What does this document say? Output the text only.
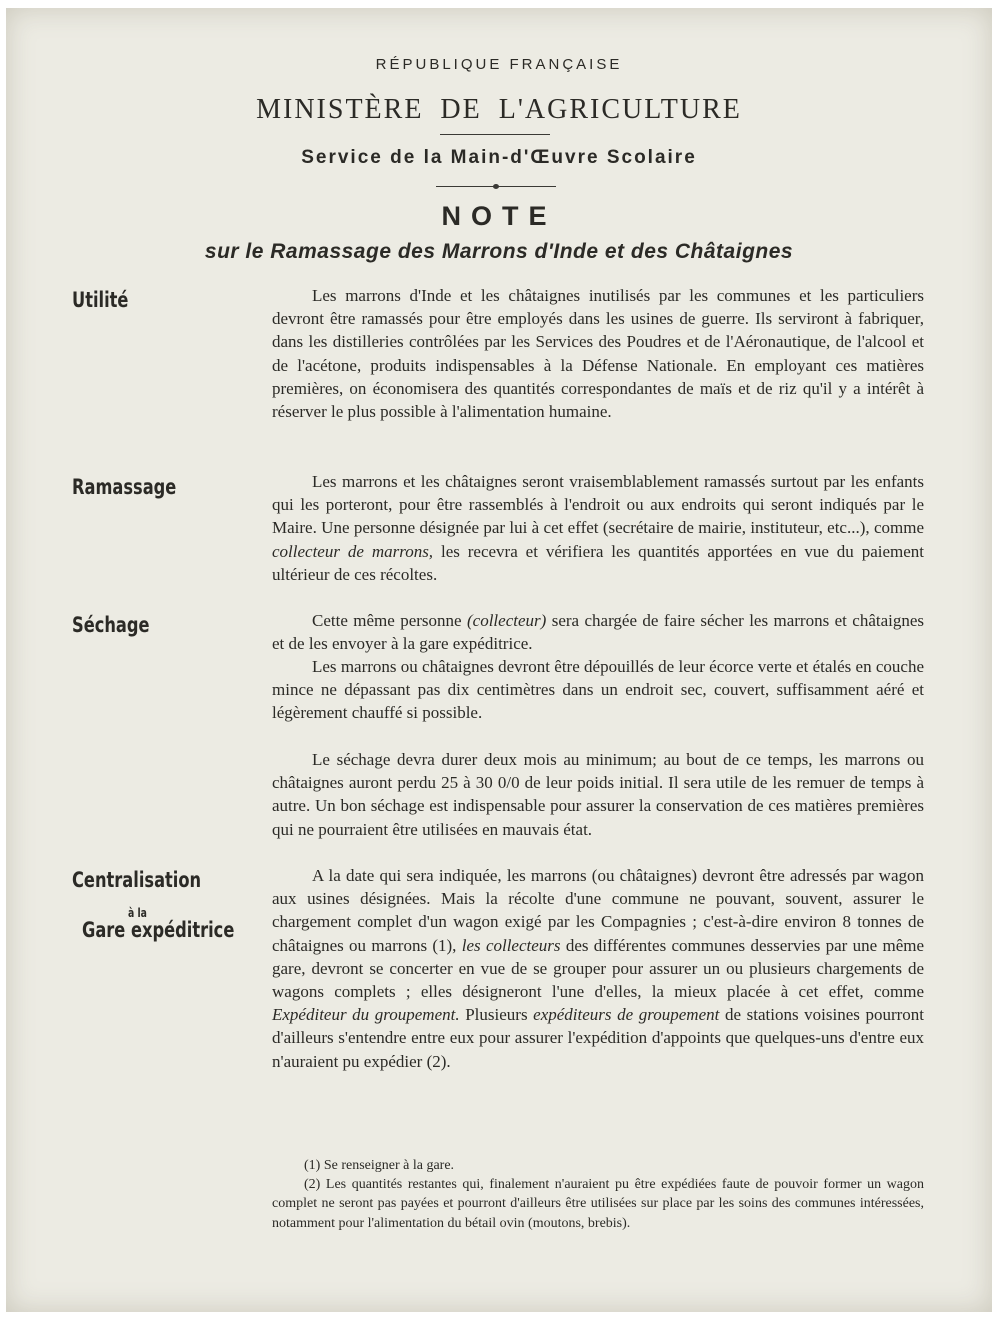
RÉPUBLIQUE FRANÇAISE
MINISTÈRE DE L'AGRICULTURE
Service de la Main-d'Œuvre Scolaire
NOTE
sur le Ramassage des Marrons d'Inde et des Châtaignes
Utilité
Ramassage
Séchage
Centralisation
à la
Gare expéditrice

Les marrons d'Inde et les châtaignes inutilisés par les communes et les particuliers devront être ramassés pour être employés dans les usines de guerre. Ils serviront à fabriquer, dans les distilleries contrôlées par les Services des Poudres et de l'Aéronautique, de l'alcool et de l'acétone, produits indispensables à la Défense Nationale. En employant ces matières premières, on économisera des quantités correspondantes de maïs et de riz qu'il y a intérêt à réserver le plus possible à l'alimentation humaine.

Les marrons et les châtaignes seront vraisemblablement ramassés surtout par les enfants qui les porteront, pour être rassemblés à l'endroit ou aux endroits qui seront indiqués par le Maire. Une personne désignée par lui à cet effet (secrétaire de mairie, instituteur, etc...), comme collecteur de marrons, les recevra et vérifiera les quantités apportées en vue du paiement ultérieur de ces récoltes.

Cette même personne (collecteur) sera chargée de faire sécher les marrons et châtaignes et de les envoyer à la gare expéditrice.

Les marrons ou châtaignes devront être dépouillés de leur écorce verte et étalés en couche mince ne dépassant pas dix centimètres dans un endroit sec, couvert, suffisamment aéré et légèrement chauffé si possible.

Le séchage devra durer deux mois au minimum; au bout de ce temps, les marrons ou châtaignes auront perdu 25 à 30 0/0 de leur poids initial. Il sera utile de les remuer de temps à autre. Un bon séchage est indispensable pour assurer la conservation de ces matières premières qui ne pourraient être utilisées en mauvais état.

A la date qui sera indiquée, les marrons (ou châtaignes) devront être adressés par wagon aux usines désignées. Mais la récolte d'une commune ne pouvant, souvent, assurer le chargement complet d'un wagon exigé par les Compagnies ; c'est-à-dire environ 8 tonnes de châtaignes ou marrons (1), les collecteurs des différentes communes desservies par une même gare, devront se concerter en vue de se grouper pour assurer un ou plusieurs chargements de wagons complets ; elles désigneront l'une d'elles, la mieux placée à cet effet, comme Expéditeur du groupement. Plusieurs expéditeurs de groupement de stations voisines pourront d'ailleurs s'entendre entre eux pour assurer l'expédition d'appoints que quelques-uns d'entre eux n'auraient pu expédier (2).

(1) Se renseigner à la gare.

(2) Les quantités restantes qui, finalement n'auraient pu être expédiées faute de pouvoir former un wagon complet ne seront pas payées et pourront d'ailleurs être utilisées sur place par les soins des communes intéressées, notamment pour l'alimentation du bétail ovin (moutons, brebis).
